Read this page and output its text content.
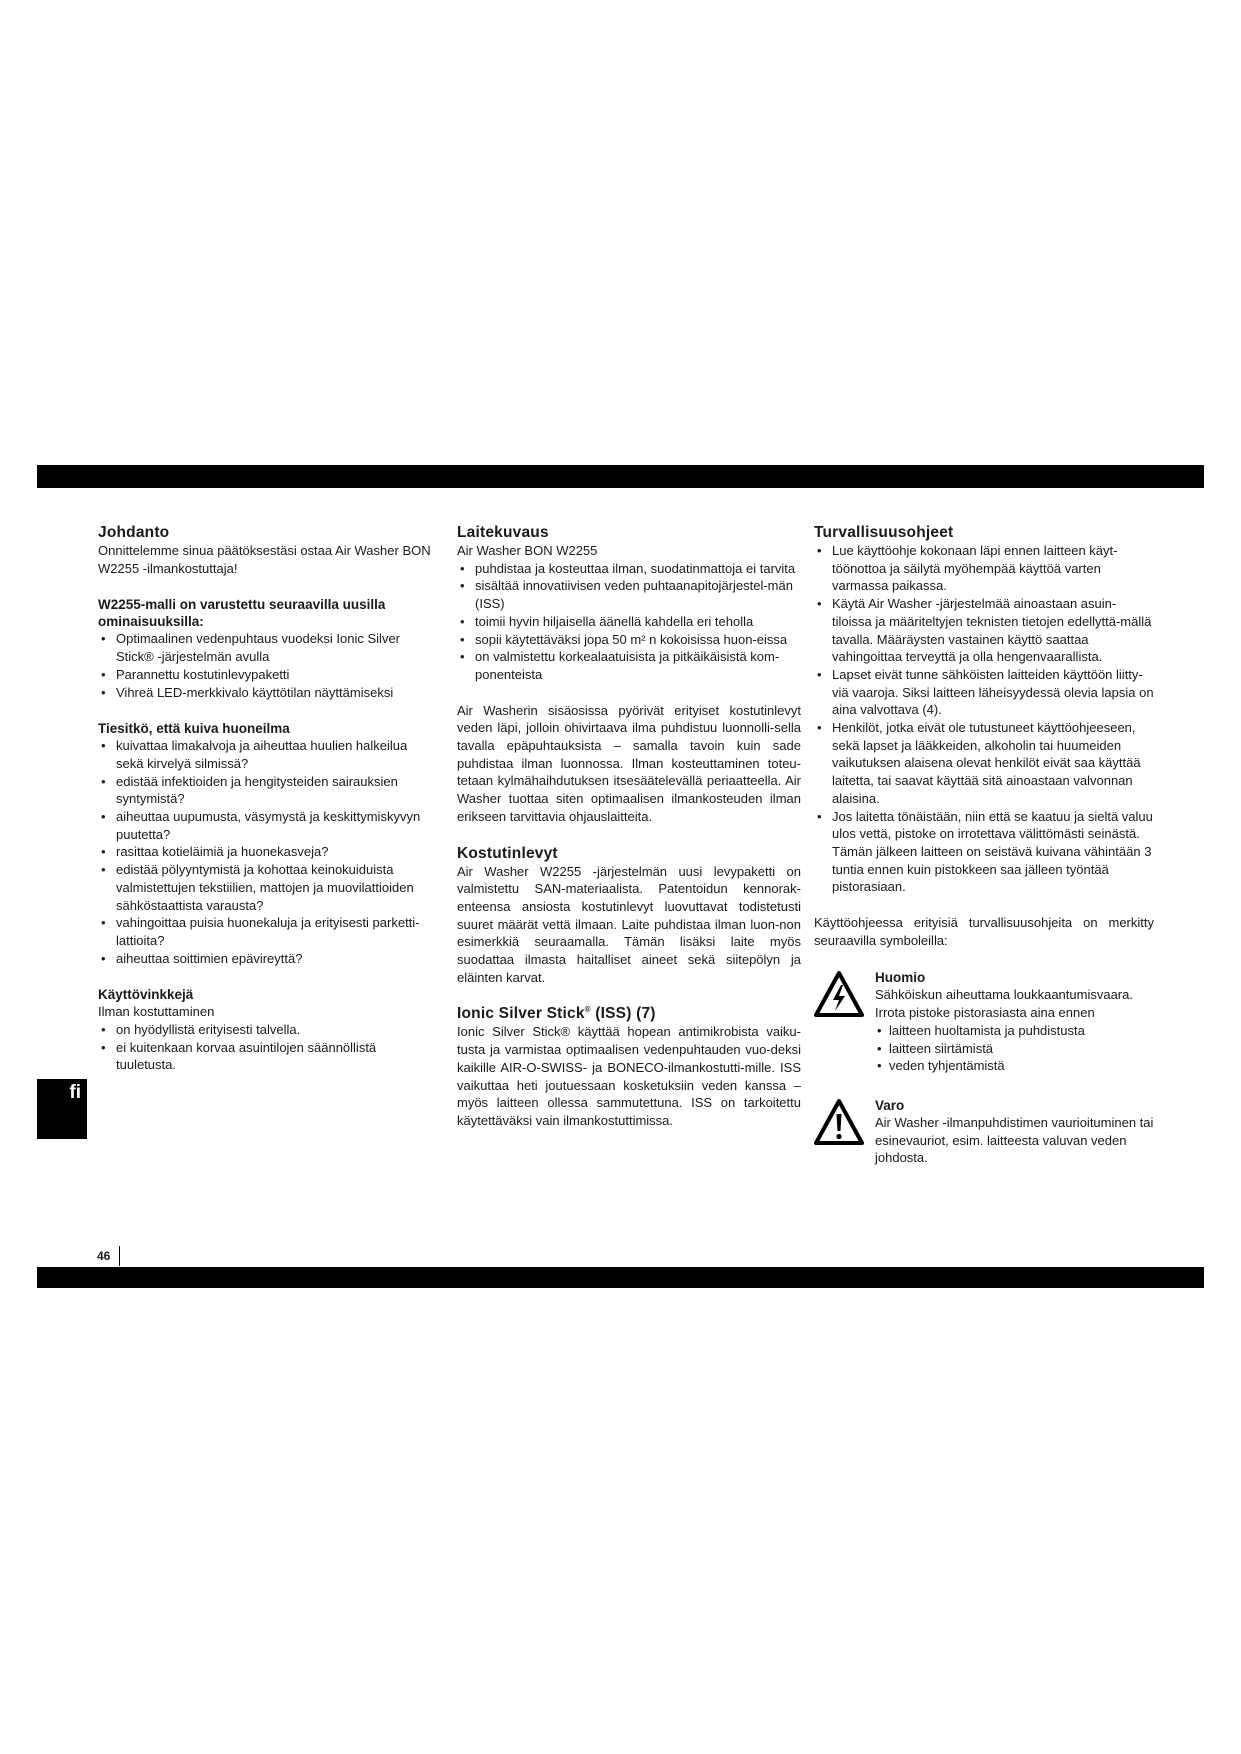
Johdanto

Onnittelemme sinua päätöksestäsi ostaa Air Washer BON W2255 -ilmankostuttaja!

W2255-malli on varustettu seuraavilla uusilla ominaisuuksilla:
• Optimaalinen vedenpuhtaus vuodeksi Ionic Silver Stick® -järjestelmän avulla
• Parannettu kostutinlevypaketti
• Vihreä LED-merkkivalo käyttötilan näyttämiseksi
Tiesitkö, että kuiva huoneilma
• kuivattaa limakalvoja ja aiheuttaa huulien halkeilua sekä kirvelyä silmissä?
• edistää infektioiden ja hengitysteiden sairauksien syntymistä?
• aiheuttaa uupumusta, väsymystä ja keskittymiskyvyn puutetta?
• rasittaa kotieläimiä ja huonekasveja?
• edistää pölyyntymistä ja kohottaa keinokuiduista valmistettujen tekstiilien, mattojen ja muovilattioiden sähköstaattista varausta?
• vahingoittaa puisia huonekaluja ja erityisesti parketti-lattioita?
• aiheuttaa soittimien epävireyttä?
Käyttövinkkejä

Ilman kostuttaminen

• on hyödyllistä erityisesti talvella.
• ei kuitenkaan korvaa asuintilojen säännöllistä tuuletusta.
Laitekuvaus

Air Washer BON W2255

• puhdistaa ja kosteuttaa ilman, suodatinmattoja ei tarvita
• sisältää innovatiivisen veden puhtaanapitojärjestel-män (ISS)
• toimii hyvin hiljaisella äänellä kahdella eri teholla
• sopii käytettäväksi jopa 50 m² n kokoisissa huon-eissa
• on valmistettu korkealaatuisista ja pitkäikäisistä kom-ponenteista

Air Washerin sisäosissa pyörivät erityiset kostutinlevyt veden läpi, jolloin ohivirtaava ilma puhdistuu luonnolli-sella tavalla epäpuhtauksista – samalla tavoin kuin sade puhdistaa ilman luonnossa. Ilman kosteuttaminen toteu-tetaan kylmähaihdutuksen itsesäätelevällä periaatteella. Air Washer tuottaa siten optimaalisen ilmankosteuden ilman erikseen tarvittavia ohjauslaitteita.

Kostutinlevyt

Air Washer W2255 -järjestelmän uusi levypaketti on valmistettu SAN-materiaalista. Patentoidun kennorak-enteensa ansiosta kostutinlevyt luovuttavat todistetusti suuret määrät vettä ilmaan. Laite puhdistaa ilman luon-non esimerkkiä seuraamalla. Tämän lisäksi laite myös suodattaa ilmasta haitalliset aineet sekä siitepölyn ja eläinten karvat.

Ionic Silver Stick® (ISS) (7)

Ionic Silver Stick® käyttää hopean antimikrobista vaiku-tusta ja varmistaa optimaalisen vedenpuhtauden vuo-deksi kaikille AIR-O-SWISS- ja BONECO-ilmankostutti-mille. ISS vaikuttaa heti joutuessaan kosketuksiin veden kanssa – myös laitteen ollessa sammutettuna. ISS on tarkoitettu käytettäväksi vain ilmankostuttimissa.

Turvallisuusohjeet
• Lue käyttöohje kokonaan läpi ennen laitteen käyt-töönottoa ja säilytä myöhempää käyttöä varten varmassa paikassa.
• Käytä Air Washer -järjestelmää ainoastaan asuin-tiloissa ja määriteltyjen teknisten tietojen edellyttä-mällä tavalla. Määräysten vastainen käyttö saattaa vahingoittaa terveyttä ja olla hengenvaarallista.
• Lapset eivät tunne sähköisten laitteiden käyttöön liitty-viä vaaroja. Siksi laitteen läheisyydessä olevia lapsia on aina valvottava (4).
• Henkilöt, jotka eivät ole tutustuneet käyttöohjeeseen, sekä lapset ja lääkkeiden, alkoholin tai huumeiden vaikutuksen alaisena olevat henkilöt eivät saa käyttää laitetta, tai saavat käyttää sitä ainoastaan valvonnan alaisina.
• Jos laitetta tönäistään, niin että se kaatuu ja sieltä valuu ulos vettä, pistoke on irrotettava välittömästi seinästä. Tämän jälkeen laitteen on seistävä kuivana vähintään 3 tuntia ennen kuin pistokkeen saa jälleen työntää pistorasiaan.

Käyttöohjeessa erityisiä turvallisuusohjeita on merkitty seuraavilla symboleilla:

Huomio

Sähköiskun aiheuttama loukkaantumisvaara.

Irrota pistoke pistorasiasta aina ennen

• laitteen huoltamista ja puhdistusta
• laitteen siirtämistä
• veden tyhjentämistä
Varo

Air Washer -ilmanpuhdistimen vaurioituminen tai esinevauriot, esim. laitteesta valuvan veden johdosta.

fi
46
